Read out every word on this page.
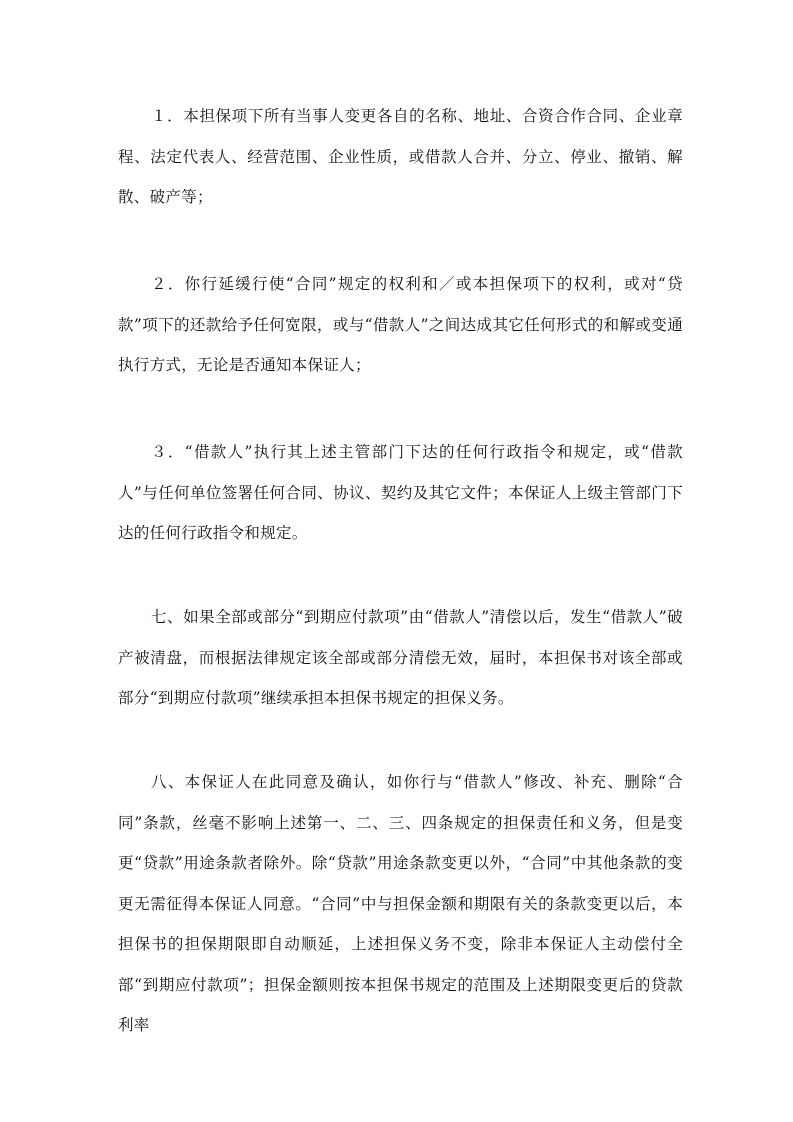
１．本担保项下所有当事人变更各自的名称、地址、合资合作合同、企业章程、法定代表人、经营范围、企业性质，或借款人合并、分立、停业、撤销、解散、破产等；

２．你行延缓行使“合同”规定的权利和／或本担保项下的权利，或对“贷款”项下的还款给予任何宽限，或与“借款人”之间达成其它任何形式的和解或变通执行方式，无论是否通知本保证人；

３．“借款人”执行其上述主管部门下达的任何行政指令和规定，或“借款人”与任何单位签署任何合同、协议、契约及其它文件；本保证人上级主管部门下达的任何行政指令和规定。

七、如果全部或部分“到期应付款项”由“借款人”清偿以后，发生“借款人”破产被清盘，而根据法律规定该全部或部分清偿无效，届时，本担保书对该全部或部分“到期应付款项”继续承担本担保书规定的担保义务。

八、本保证人在此同意及确认，如你行与“借款人”修改、补充、删除“合同”条款，丝毫不影响上述第一、二、三、四条规定的担保责任和义务，但是变更“贷款”用途条款者除外。除“贷款”用途条款变更以外，“合同”中其他条款的变更无需征得本保证人同意。“合同”中与担保金额和期限有关的条款变更以后，本担保书的担保期限即自动顺延，上述担保义务不变，除非本保证人主动偿付全部“到期应付款项”；担保金额则按本担保书规定的范围及上述期限变更后的贷款利率
